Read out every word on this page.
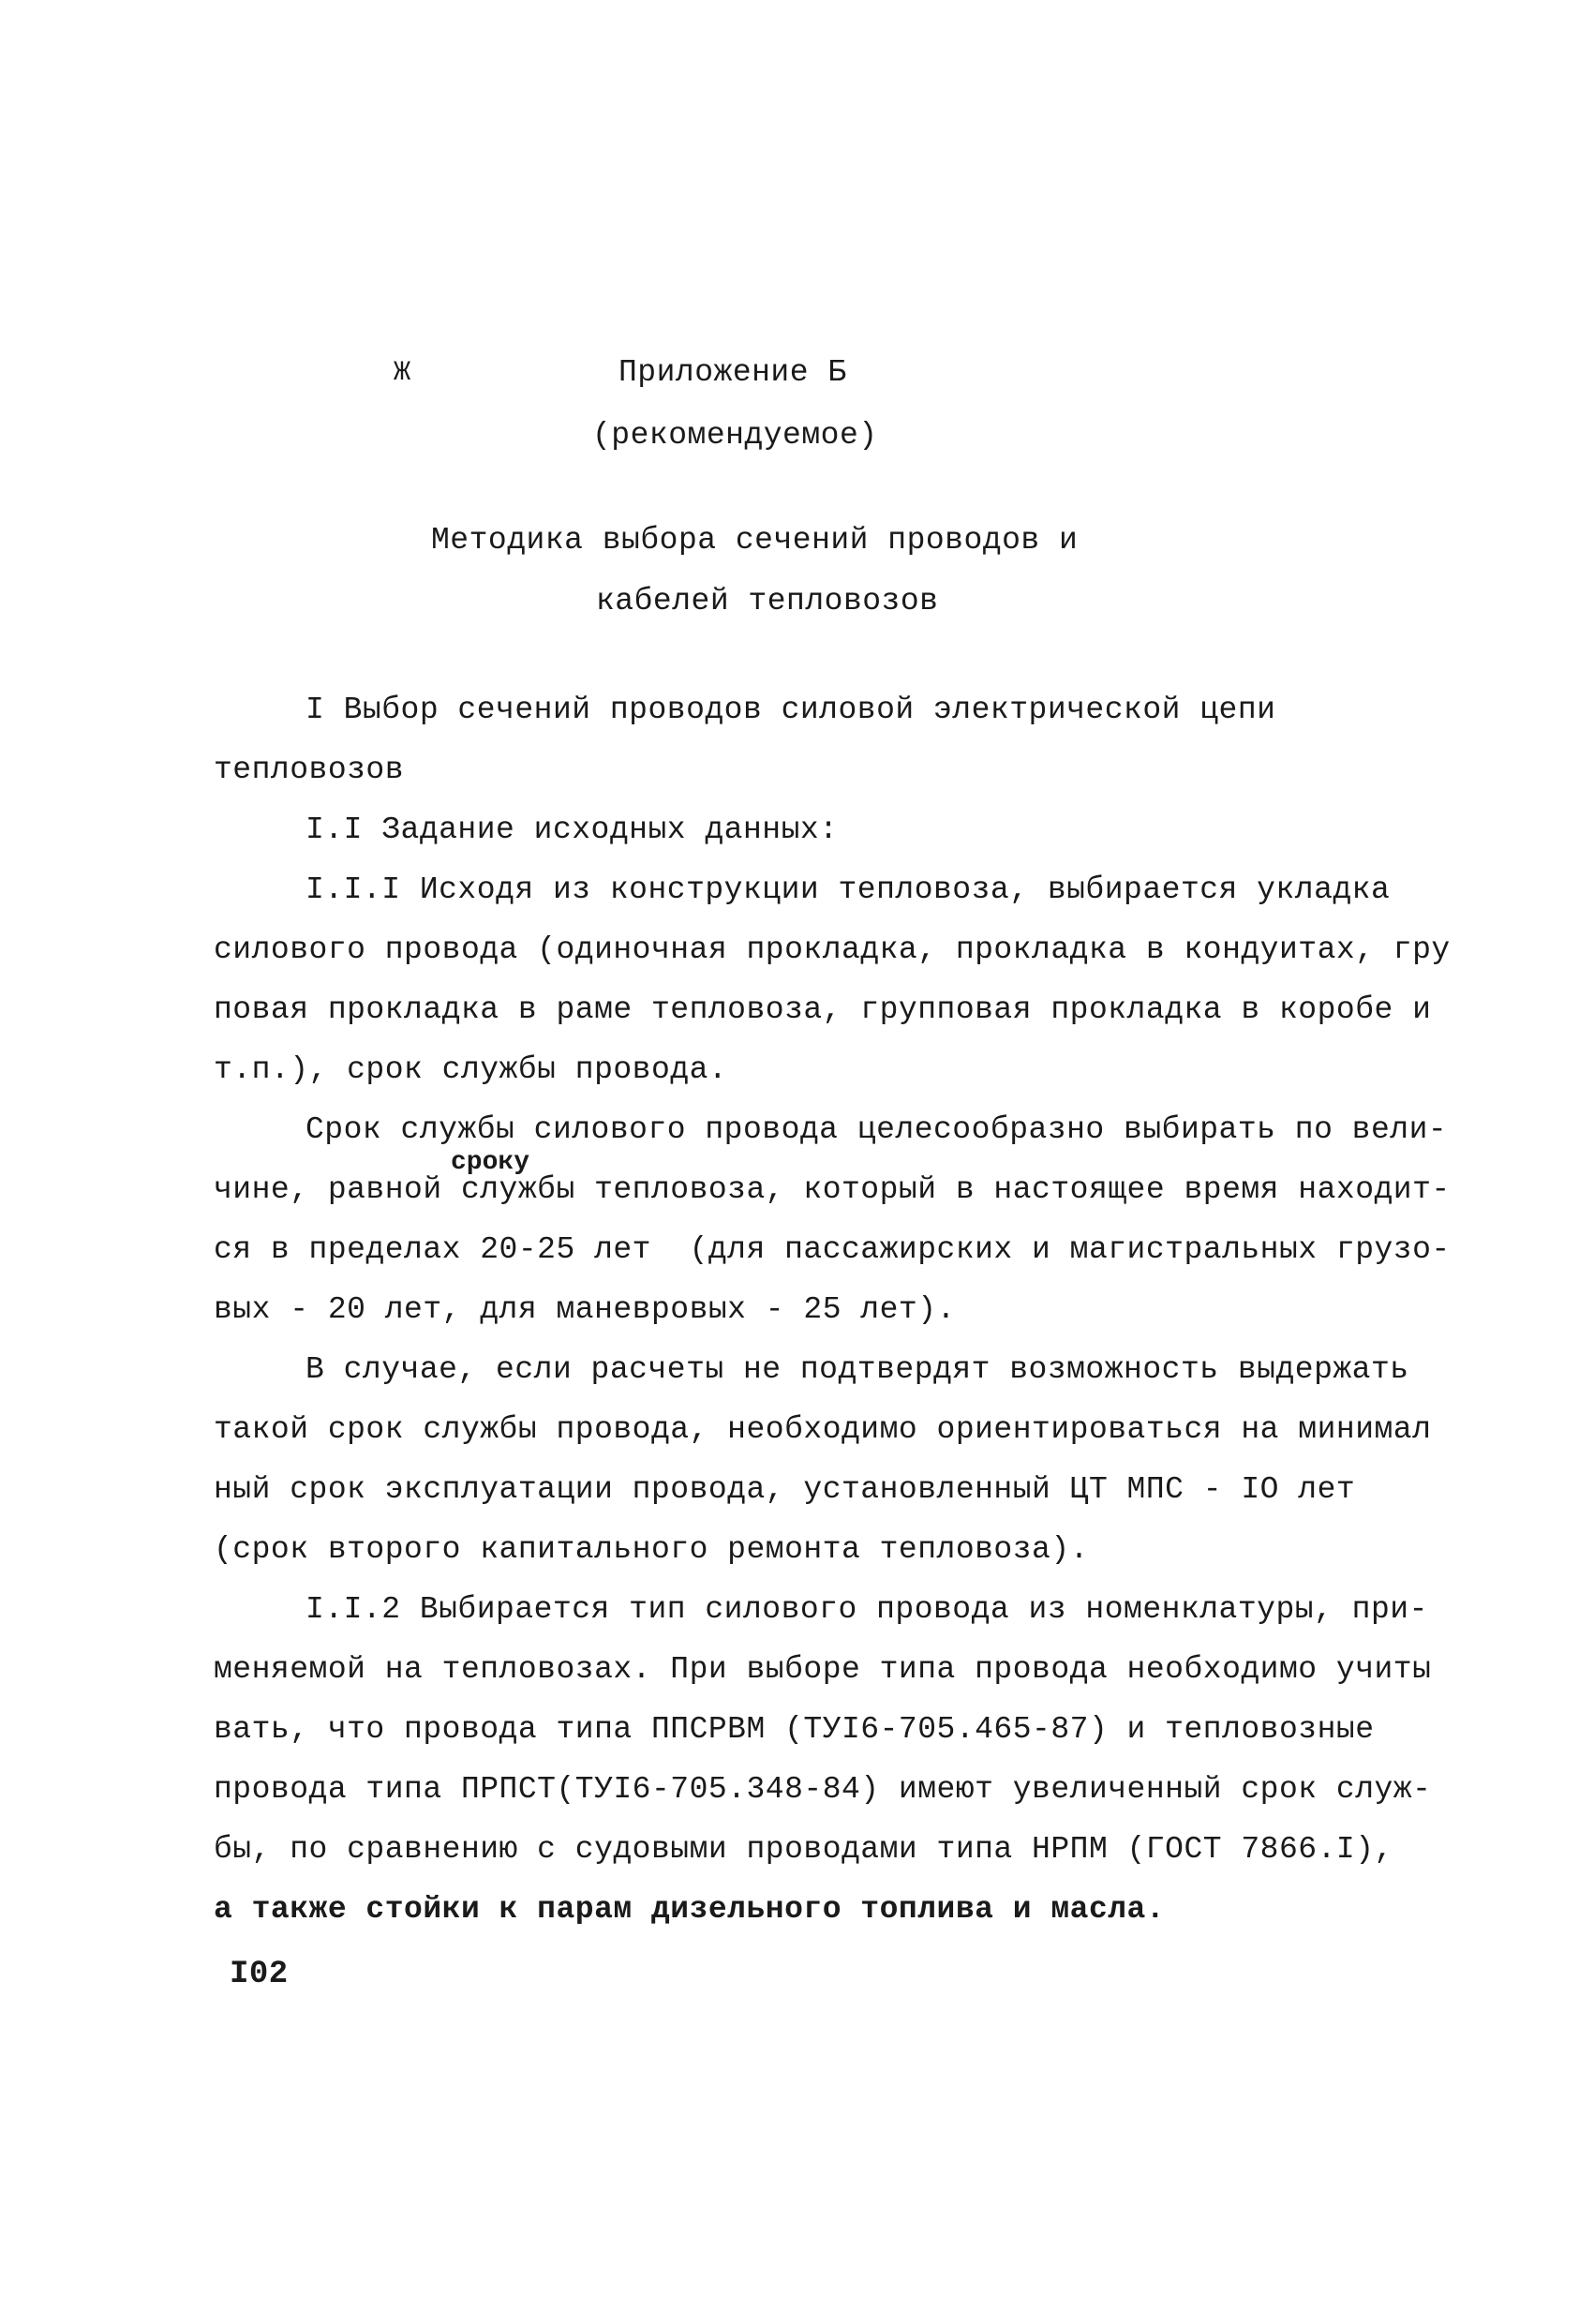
Ж	Приложение Б
(рекомендуемое)
Методика выбора сечений проводов и
кабелей тепловозов
I Выбор сечений проводов силовой электрической цепи
тепловозов
I.I Задание исходных данных:
I.I.I Исходя из конструкции тепловоза, выбирается укладка
силового провода (одиночная прокладка, прокладка в кондуитах, гру
повая прокладка в раме тепловоза, групповая прокладка в коробе и
т.п.), срок службы провода.
Срок службы силового провода целесообразно выбирать по вели-
сроку
чине, равной службы тепловоза, который в настоящее время находит-
ся в пределах 20-25 лет  (для пассажирских и магистральных грузо-
вых - 20 лет, для маневровых - 25 лет).
В случае, если расчеты не подтвердят возможность выдержать
такой срок службы провода, необходимо ориентироваться на минимал
ный срок эксплуатации провода, установленный ЦТ МПС - IО лет
(срок второго капитального ремонта тепловоза).
I.I.2 Выбирается тип силового провода из номенклатуры, при-
меняемой на тепловозах. При выборе типа провода необходимо учиты
вать, что провода типа ППСРВМ (ТУI6-705.465-87) и тепловозные
провода типа ПРПСТ(ТУI6-705.348-84) имеют увеличенный срок служ-
бы, по сравнению с судовыми проводами типа НРПМ (ГОСТ 7866.I),
а также стойки к парам дизельного топлива и масла.
I02
